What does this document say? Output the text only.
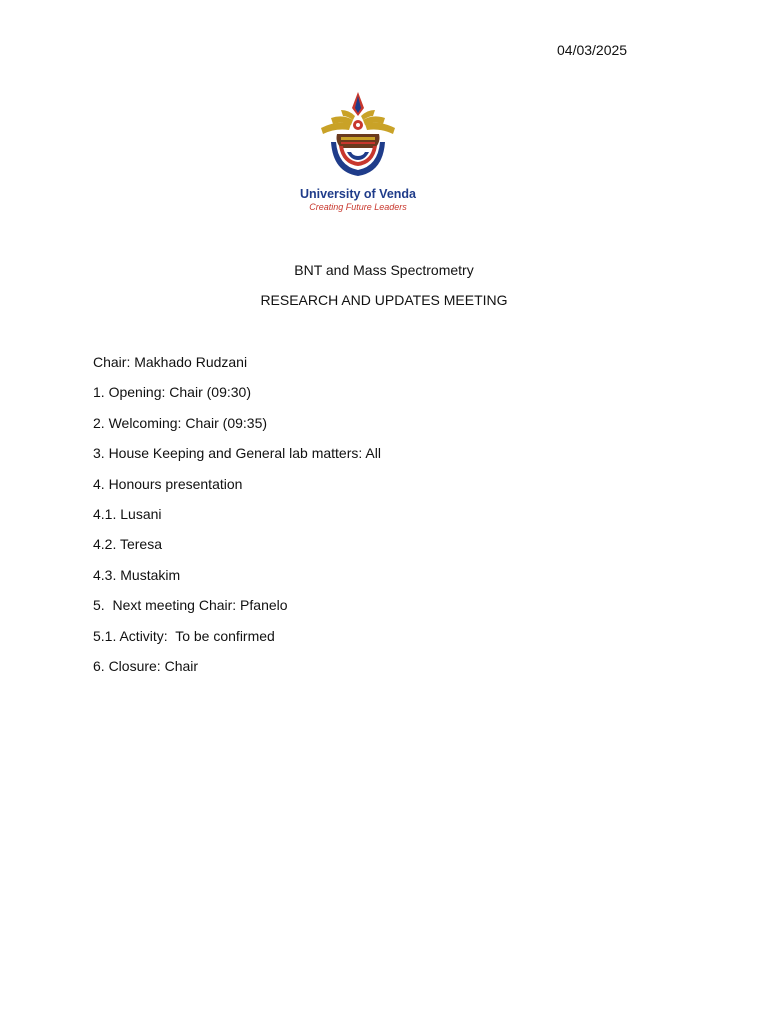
04/03/2025
University of Venda
Creating Future Leaders
BNT and Mass Spectrometry
RESEARCH AND UPDATES MEETING
Chair: Makhado Rudzani
1. Opening: Chair (09:30)
2. Welcoming: Chair (09:35)
3. House Keeping and General lab matters: All
4. Honours presentation
4.1. Lusani
4.2. Teresa
4.3. Mustakim
5.  Next meeting Chair: Pfanelo
5.1. Activity:  To be confirmed
6. Closure: Chair
